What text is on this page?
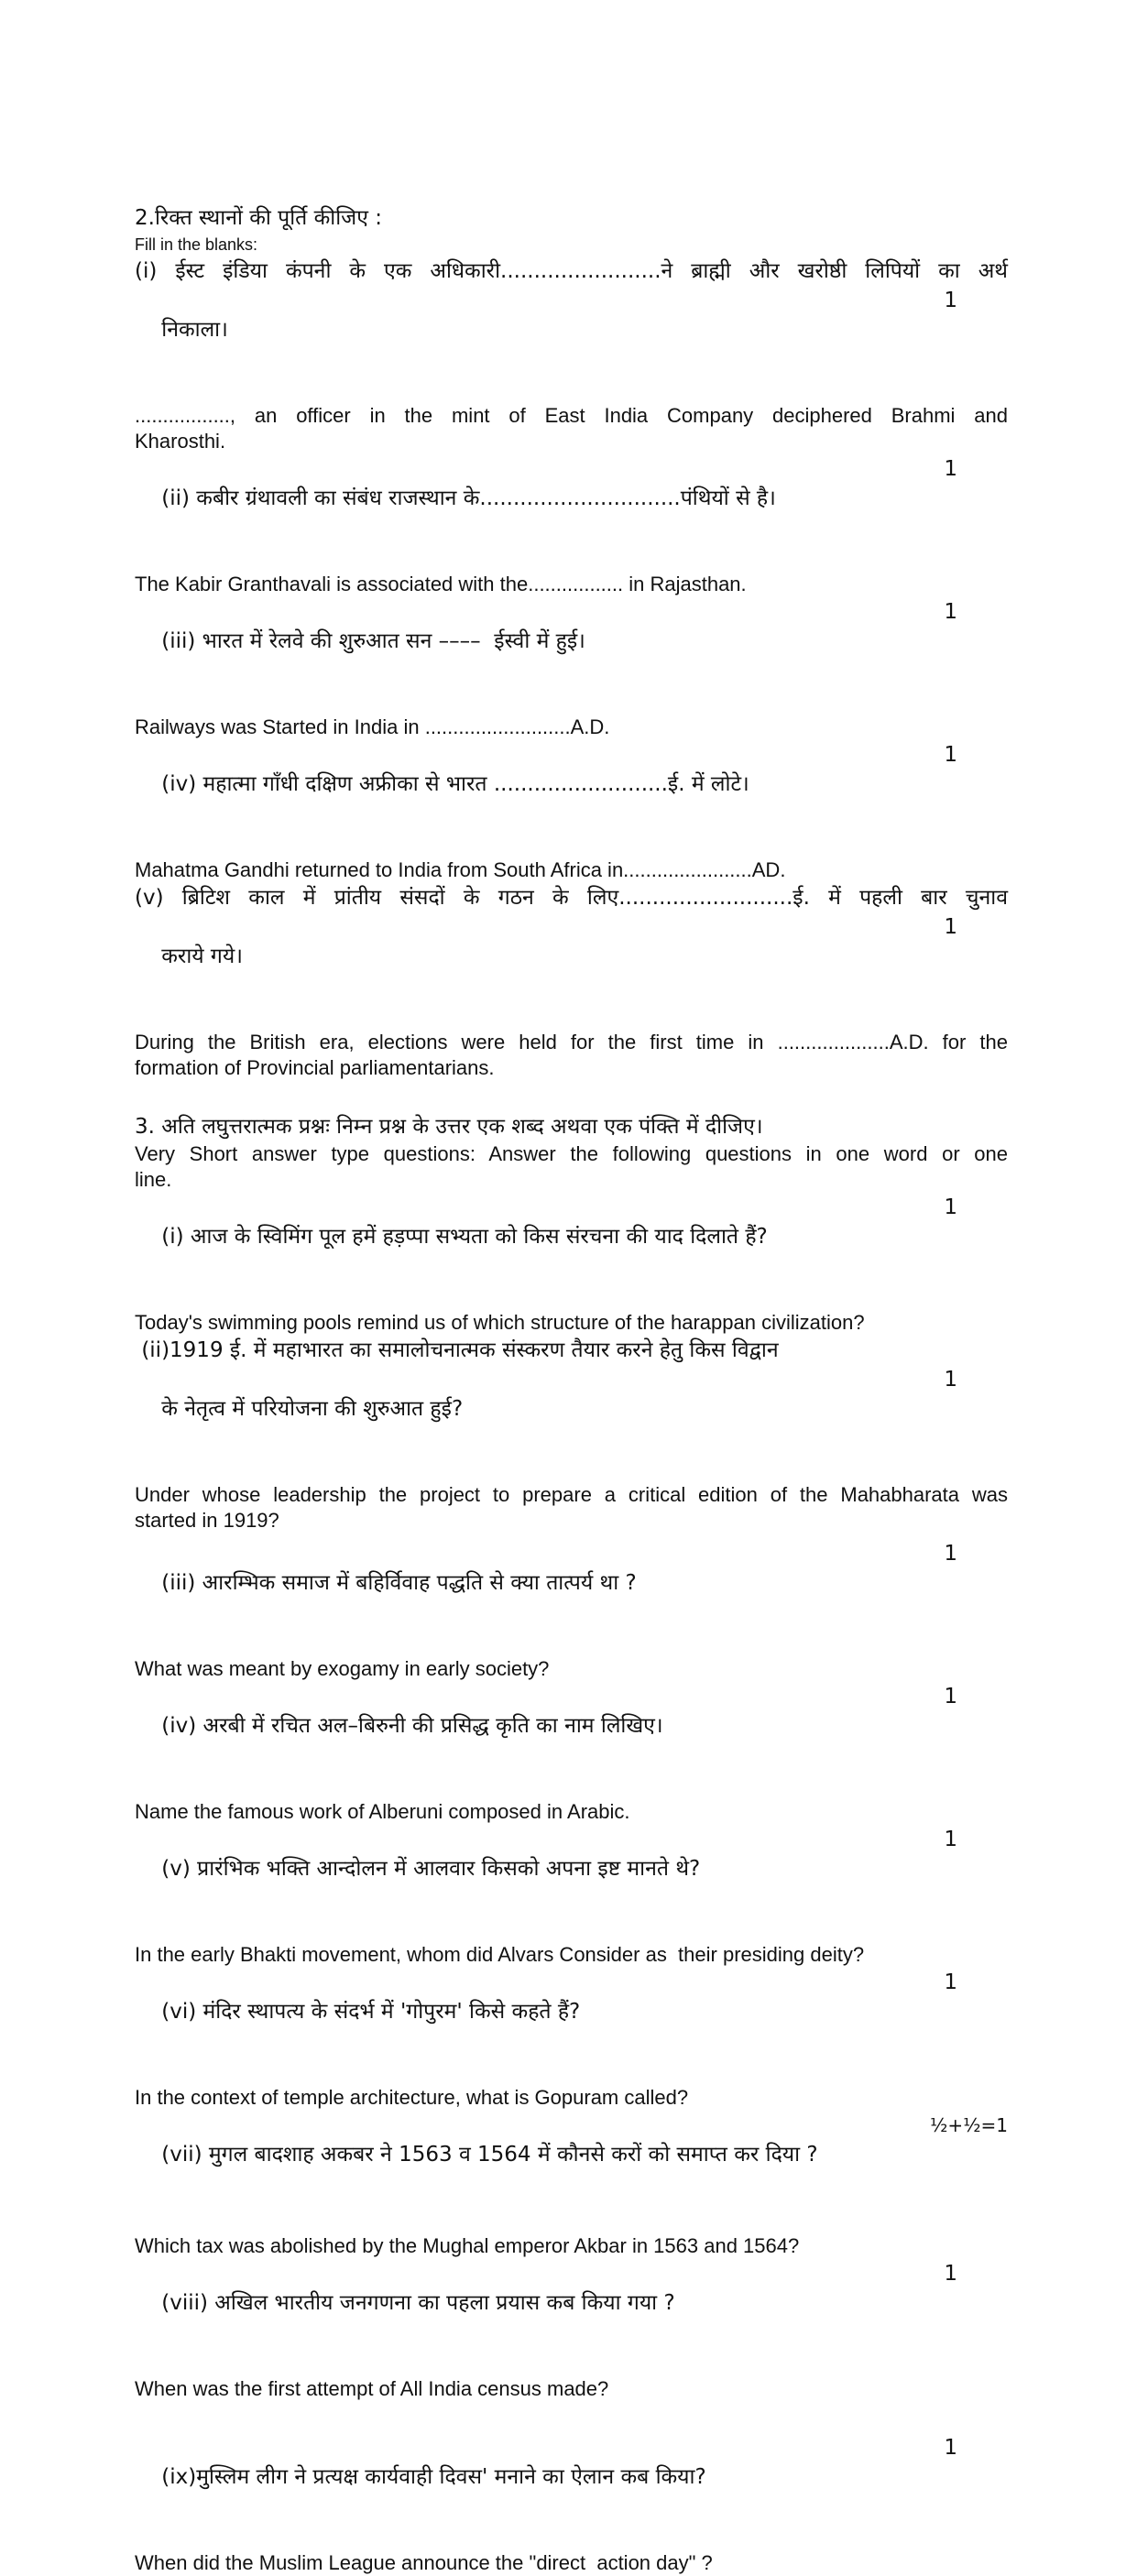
2.रिक्त स्थानों की पूर्ति कीजिए :
Fill in the blanks:
(i) ईस्ट इंडिया कंपनी के एक अधिकारी........................ने ब्राह्मी और खरोष्ठी लिपियों का अर्थ

निकाला।

1

................., an officer in the mint of East India Company deciphered Brahmi and
Kharosthi.

(ii) कबीर ग्रंथावली का संबंध राजस्थान के..............................पंथियों से है।

1

The Kabir Granthavali is associated with the................. in Rajasthan.

(iii) भारत में रेलवे की शुरुआत सन ––––  ईस्वी में हुई।

1

Railways was Started in India in ..........................A.D.

(iv) महात्मा गाँधी दक्षिण अफ्रीका से भारत ..........................ई. में लोटे।

1

Mahatma Gandhi returned to India from South Africa in.......................AD.
(v) ब्रिटिश काल में प्रांतीय संसदों के गठन के लिए..........................ई. में पहली बार चुनाव

कराये गये।

1

During the British era, elections were held for the first time in ....................A.D. for the
formation of Provincial parliamentarians.
3. अति लघुत्तरात्मक प्रश्नः निम्न प्रश्न के उत्तर एक शब्द अथवा एक पंक्ति में दीजिए।
Very Short answer type questions: Answer the following questions in one word or one
line.

(i) आज के स्विमिंग पूल हमें हड़प्पा सभ्यता को किस संरचना की याद दिलाते हैं?

1

Today's swimming pools remind us of which structure of the harappan civilization?
(ii)1919 ई. में महाभारत का समालोचनात्मक संस्करण तैयार करने हेतु किस विद्वान

के नेतृत्व में परियोजना की शुरुआत हुई?

1

Under whose leadership the project to prepare a critical edition of the Mahabharata was
started in 1919?

(iii) आरम्भिक समाज में बहिर्विवाह पद्धति से क्या तात्पर्य था ?

1

What was meant by exogamy in early society?

(iv) अरबी में रचित अल–बिरुनी की प्रसिद्ध कृति का नाम लिखिए।

1

Name the famous work of Alberuni composed in Arabic.

(v) प्रारंभिक भक्ति आन्दोलन में आलवार किसको अपना इष्ट मानते थे?

1

In the early Bhakti movement, whom did Alvars Consider as  their presiding deity?

(vi) मंदिर स्थापत्य के संदर्भ में 'गोपुरम' किसे कहते हैं?

1

In the context of temple architecture, what is Gopuram called?

(vii) मुगल बादशाह अकबर ने 1563 व 1564 में कौनसे करों को समाप्त कर दिया ?

½+½=1

Which tax was abolished by the Mughal emperor Akbar in 1563 and 1564?

(viii) अखिल भारतीय जनगणना का पहला प्रयास कब किया गया ?

1

When was the first attempt of All India census made?

(ix)मुस्लिम लीग ने प्रत्यक्ष कार्यवाही दिवस' मनाने का ऐलान कब किया?

1

When did the Muslim League announce the "direct  action day" ?
